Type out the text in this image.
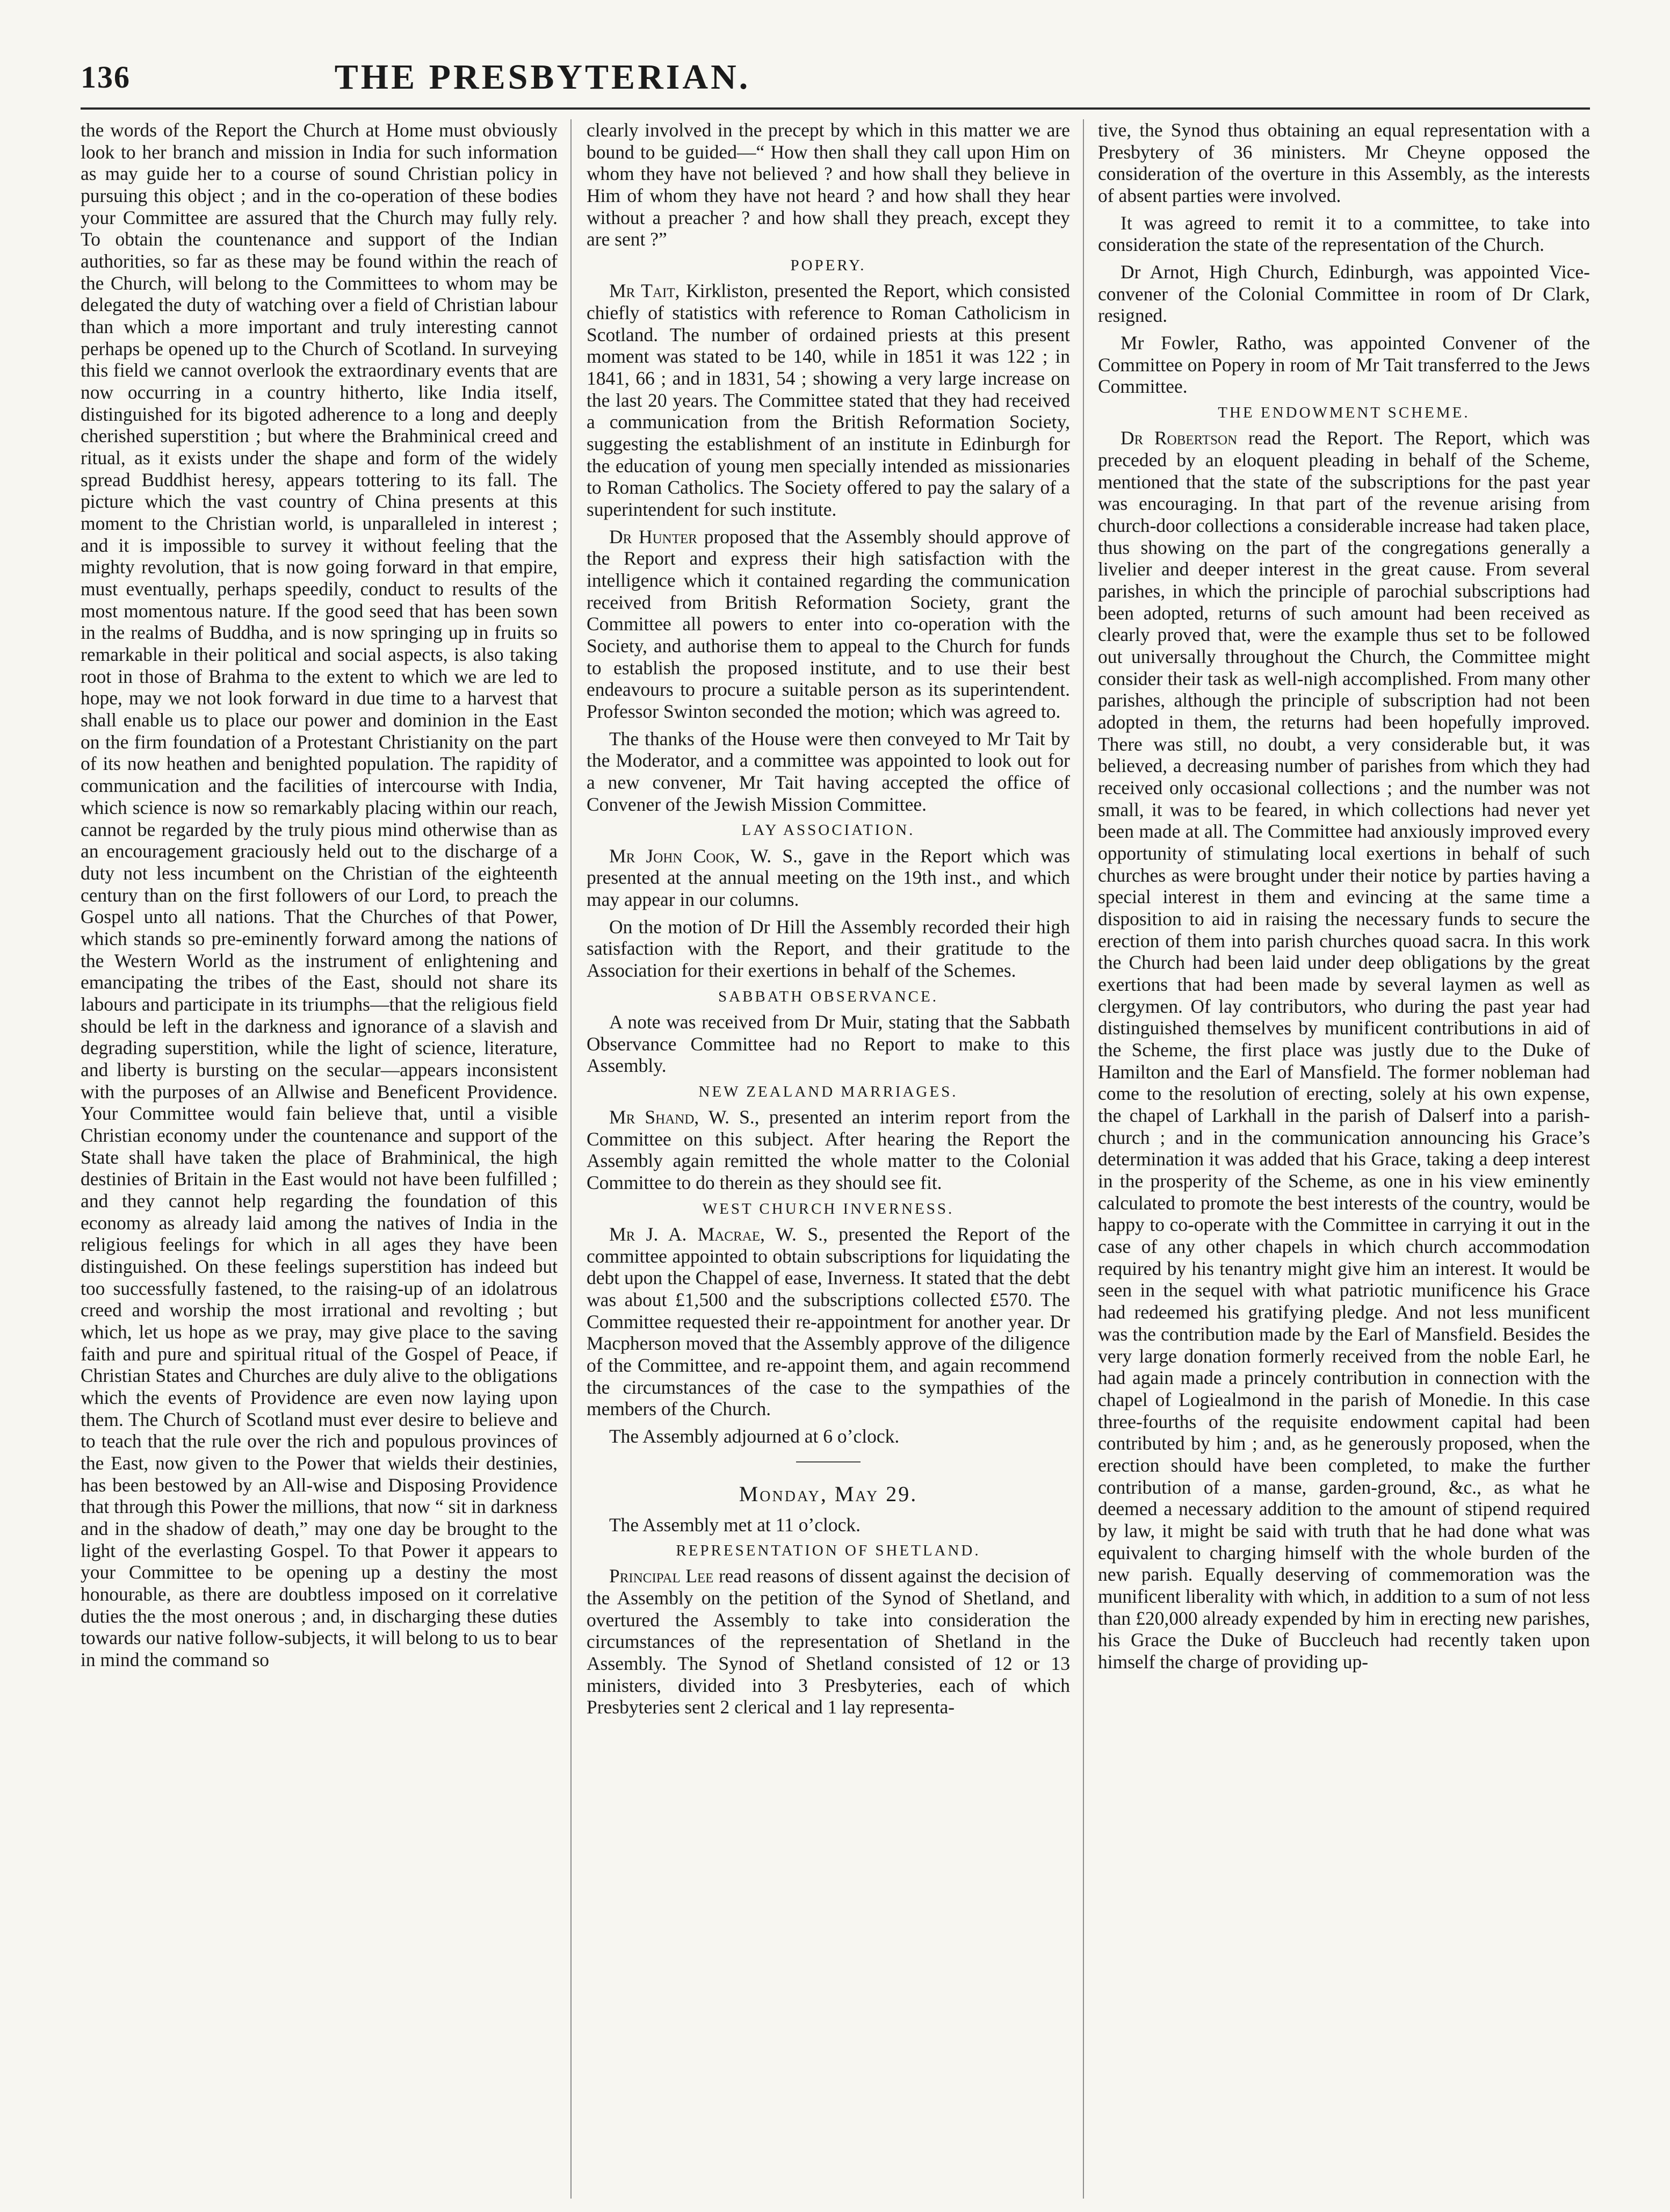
136	THE PRESBYTERIAN.

the words of the Report the Church at Home must obviously look to her branch and mission in India for such information as may guide her to a course of sound Christian policy in pursuing this object ; and in the co-operation of these bodies your Committee are assured that the Church may fully rely. To obtain the countenance and support of the Indian authorities, so far as these may be found within the reach of the Church, will belong to the Committees to whom may be delegated the duty of watching over a field of Christian labour than which a more important and truly interesting cannot perhaps be opened up to the Church of Scotland. In surveying this field we cannot overlook the extraordinary events that are now occurring in a country hitherto, like India itself, distinguished for its bigoted adherence to a long and deeply cherished superstition ; but where the Brahminical creed and ritual, as it exists under the shape and form of the widely spread Buddhist heresy, appears tottering to its fall. The picture which the vast country of China presents at this moment to the Christian world, is unparalleled in interest ; and it is impossible to survey it without feeling that the mighty revolution, that is now going forward in that empire, must eventually, perhaps speedily, conduct to results of the most momentous nature. If the good seed that has been sown in the realms of Buddha, and is now springing up in fruits so remarkable in their political and social aspects, is also taking root in those of Brahma to the extent to which we are led to hope, may we not look forward in due time to a harvest that shall enable us to place our power and dominion in the East on the firm foundation of a Protestant Christianity on the part of its now heathen and benighted population. The rapidity of communication and the facilities of intercourse with India, which science is now so remarkably placing within our reach, cannot be regarded by the truly pious mind otherwise than as an encouragement graciously held out to the discharge of a duty not less incumbent on the Christian of the eighteenth century than on the first followers of our Lord, to preach the Gospel unto all nations. That the Churches of that Power, which stands so pre-eminently forward among the nations of the Western World as the instrument of enlightening and emancipating the tribes of the East, should not share its labours and participate in its triumphs—that the religious field should be left in the darkness and ignorance of a slavish and degrading superstition, while the light of science, literature, and liberty is bursting on the secular—appears inconsistent with the purposes of an Allwise and Beneficent Providence. Your Committee would fain believe that, until a visible Christian economy under the countenance and support of the State shall have taken the place of Brahminical, the high destinies of Britain in the East would not have been fulfilled ; and they cannot help regarding the foundation of this economy as already laid among the natives of India in the religious feelings for which in all ages they have been distinguished. On these feelings superstition has indeed but too successfully fastened, to the raising-up of an idolatrous creed and worship the most irrational and revolting ; but which, let us hope as we pray, may give place to the saving faith and pure and spiritual ritual of the Gospel of Peace, if Christian States and Churches are duly alive to the obligations which the events of Providence are even now laying upon them. The Church of Scotland must ever desire to believe and to teach that the rule over the rich and populous provinces of the East, now given to the Power that wields their destinies, has been bestowed by an All-wise and Disposing Providence that through this Power the millions, that now “ sit in darkness and in the shadow of death,” may one day be brought to the light of the everlasting Gospel. To that Power it appears to your Committee to be opening up a destiny the most honourable, as there are doubtless imposed on it correlative duties the the most onerous ; and, in discharging these duties towards our native follow-subjects, it will belong to us to bear in mind the command so

clearly involved in the precept by which in this matter we are bound to be guided—“ How then shall they call upon Him on whom they have not believed ? and how shall they believe in Him of whom they have not heard ? and how shall they hear without a preacher ? and how shall they preach, except they are sent ?”

POPERY.

Mr Tait, Kirkliston, presented the Report, which consisted chiefly of statistics with reference to Roman Catholicism in Scotland. The number of ordained priests at this present moment was stated to be 140, while in 1851 it was 122 ; in 1841, 66 ; and in 1831, 54 ; showing a very large increase on the last 20 years. The Committee stated that they had received a communication from the British Reformation Society, suggesting the establishment of an institute in Edinburgh for the education of young men specially intended as missionaries to Roman Catholics. The Society offered to pay the salary of a superintendent for such institute.

Dr Hunter proposed that the Assembly should approve of the Report and express their high satisfaction with the intelligence which it contained regarding the communication received from British Reformation Society, grant the Committee all powers to enter into co-operation with the Society, and authorise them to appeal to the Church for funds to establish the proposed institute, and to use their best endeavours to procure a suitable person as its superintendent. Professor Swinton seconded the motion; which was agreed to.

The thanks of the House were then conveyed to Mr Tait by the Moderator, and a committee was appointed to look out for a new convener, Mr Tait having accepted the office of Convener of the Jewish Mission Committee.

LAY ASSOCIATION.

Mr John Cook, W. S., gave in the Report which was presented at the annual meeting on the 19th inst., and which may appear in our columns.

On the motion of Dr Hill the Assembly recorded their high satisfaction with the Report, and their gratitude to the Association for their exertions in behalf of the Schemes.

SABBATH OBSERVANCE.

A note was received from Dr Muir, stating that the Sabbath Observance Committee had no Report to make to this Assembly.

NEW ZEALAND MARRIAGES.

Mr Shand, W. S., presented an interim report from the Committee on this subject. After hearing the Report the Assembly again remitted the whole matter to the Colonial Committee to do therein as they should see fit.

WEST CHURCH INVERNESS.

Mr J. A. Macrae, W. S., presented the Report of the committee appointed to obtain subscriptions for liquidating the debt upon the Chappel of ease, Inverness. It stated that the debt was about £1,500 and the subscriptions collected £570. The Committee requested their re-appointment for another year. Dr Macpherson moved that the Assembly approve of the diligence of the Committee, and re-appoint them, and again recommend the circumstances of the case to the sympathies of the members of the Church.

The Assembly adjourned at 6 o’clock.

Monday, May 29.

The Assembly met at 11 o’clock.

REPRESENTATION OF SHETLAND.

Principal Lee read reasons of dissent against the decision of the Assembly on the petition of the Synod of Shetland, and overtured the Assembly to take into consideration the circumstances of the representation of Shetland in the Assembly. The Synod of Shetland consisted of 12 or 13 ministers, divided into 3 Presbyteries, each of which Presbyteries sent 2 clerical and 1 lay representa-

tive, the Synod thus obtaining an equal representation with a Presbytery of 36 ministers. Mr Cheyne opposed the consideration of the overture in this Assembly, as the interests of absent parties were involved.

It was agreed to remit it to a committee, to take into consideration the state of the representation of the Church.

Dr Arnot, High Church, Edinburgh, was appointed Vice-convener of the Colonial Committee in room of Dr Clark, resigned.

Mr Fowler, Ratho, was appointed Convener of the Committee on Popery in room of Mr Tait transferred to the Jews Committee.

THE ENDOWMENT SCHEME.

Dr Robertson read the Report. The Report, which was preceded by an eloquent pleading in behalf of the Scheme, mentioned that the state of the subscriptions for the past year was encouraging. In that part of the revenue arising from church-door collections a considerable increase had taken place, thus showing on the part of the congregations generally a livelier and deeper interest in the great cause. From several parishes, in which the principle of parochial subscriptions had been adopted, returns of such amount had been received as clearly proved that, were the example thus set to be followed out universally throughout the Church, the Committee might consider their task as well-nigh accomplished. From many other parishes, although the principle of subscription had not been adopted in them, the returns had been hopefully improved. There was still, no doubt, a very considerable but, it was believed, a decreasing number of parishes from which they had received only occasional collections ; and the number was not small, it was to be feared, in which collections had never yet been made at all. The Committee had anxiously improved every opportunity of stimulating local exertions in behalf of such churches as were brought under their notice by parties having a special interest in them and evincing at the same time a disposition to aid in raising the necessary funds to secure the erection of them into parish churches quoad sacra. In this work the Church had been laid under deep obligations by the great exertions that had been made by several laymen as well as clergymen. Of lay contributors, who during the past year had distinguished themselves by munificent contributions in aid of the Scheme, the first place was justly due to the Duke of Hamilton and the Earl of Mansfield. The former nobleman had come to the resolution of erecting, solely at his own expense, the chapel of Larkhall in the parish of Dalserf into a parish-church ; and in the communication announcing his Grace’s determination it was added that his Grace, taking a deep interest in the prosperity of the Scheme, as one in his view eminently calculated to promote the best interests of the country, would be happy to co-operate with the Committee in carrying it out in the case of any other chapels in which church accommodation required by his tenantry might give him an interest. It would be seen in the sequel with what patriotic munificence his Grace had redeemed his gratifying pledge. And not less munificent was the contribution made by the Earl of Mansfield. Besides the very large donation formerly received from the noble Earl, he had again made a princely contribution in connection with the chapel of Logiealmond in the parish of Monedie. In this case three-fourths of the requisite endowment capital had been contributed by him ; and, as he generously proposed, when the erection should have been completed, to make the further contribution of a manse, garden-ground, &c., as what he deemed a necessary addition to the amount of stipend required by law, it might be said with truth that he had done what was equivalent to charging himself with the whole burden of the new parish. Equally deserving of commemoration was the munificent liberality with which, in addition to a sum of not less than £20,000 already expended by him in erecting new parishes, his Grace the Duke of Buccleuch had recently taken upon himself the charge of providing up-
